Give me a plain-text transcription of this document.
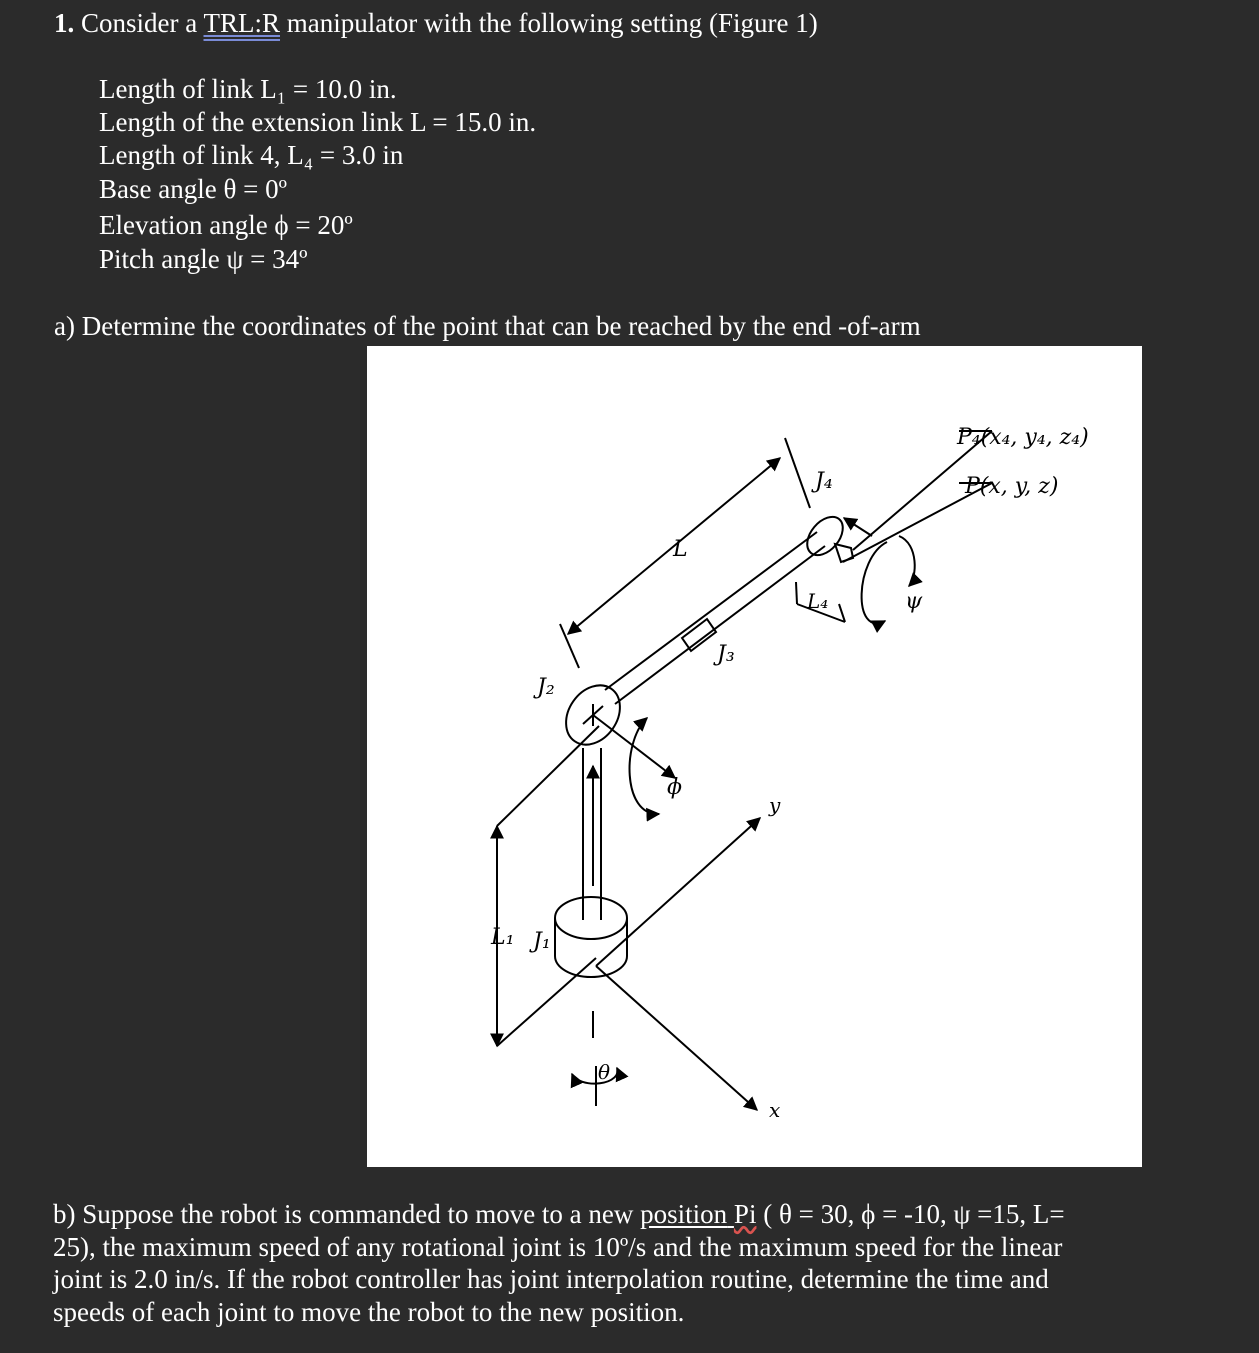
1. Consider a TRL:R manipulator with the following setting (Figure 1)
Length of link L₁ = 10.0 in.
Length of the extension link L = 15.0 in.
Length of link 4, L₄ = 3.0 in
Base angle θ = 0º
Elevation angle ϕ = 20º
Pitch angle ψ = 34º
a) Determine the coordinates of the point that can be reached by the end -of-arm
P₄(x₄, y₄, z₄)
P(x, y, z)
J₄
L
L₄	ψ
J₃
J₂
ϕ
y
L₁ J₁
θ
x
b) Suppose the robot is commanded to move to a new position Pi ( θ = 30, ϕ = -10, ψ =15, L=
25), the maximum speed of any rotational joint is 10º/s and the maximum speed for the linear
joint is 2.0 in/s. If the robot controller has joint interpolation routine, determine the time and
speeds of each joint to move the robot to the new position.
